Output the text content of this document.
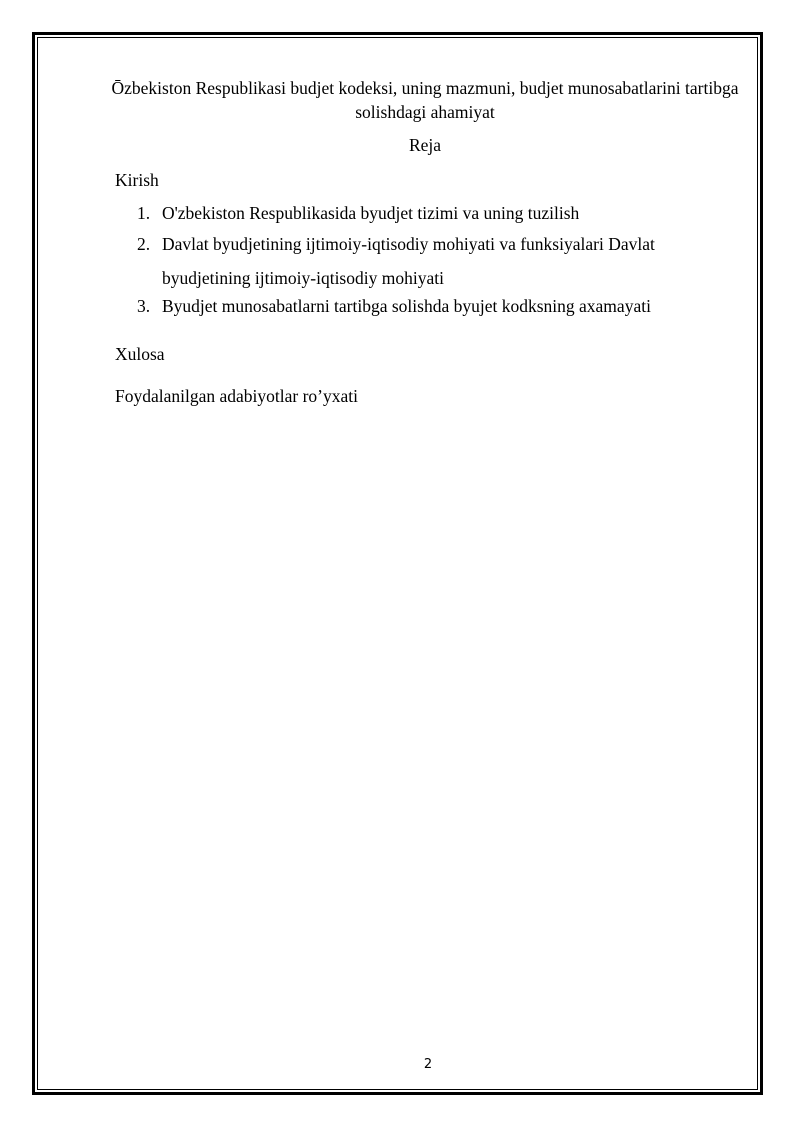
Ōzbekiston Respublikasi budjet kodeksi, uning mazmuni, budjet munosabatlarini tartibga solishdagi ahamiyat
Reja
Kirish
1. O'zbekiston Respublikasida byudjet tizimi va uning tuzilish
2. Davlat byudjetining ijtimoiy-iqtisodiy mohiyati va funksiyalari Davlat byudjetining ijtimoiy-iqtisodiy mohiyati
3. Byudjet munosabatlarni tartibga solishda byujet kodksning axamayati
Xulosa
Foydalanilgan adabiyotlar ro’yxati
2
